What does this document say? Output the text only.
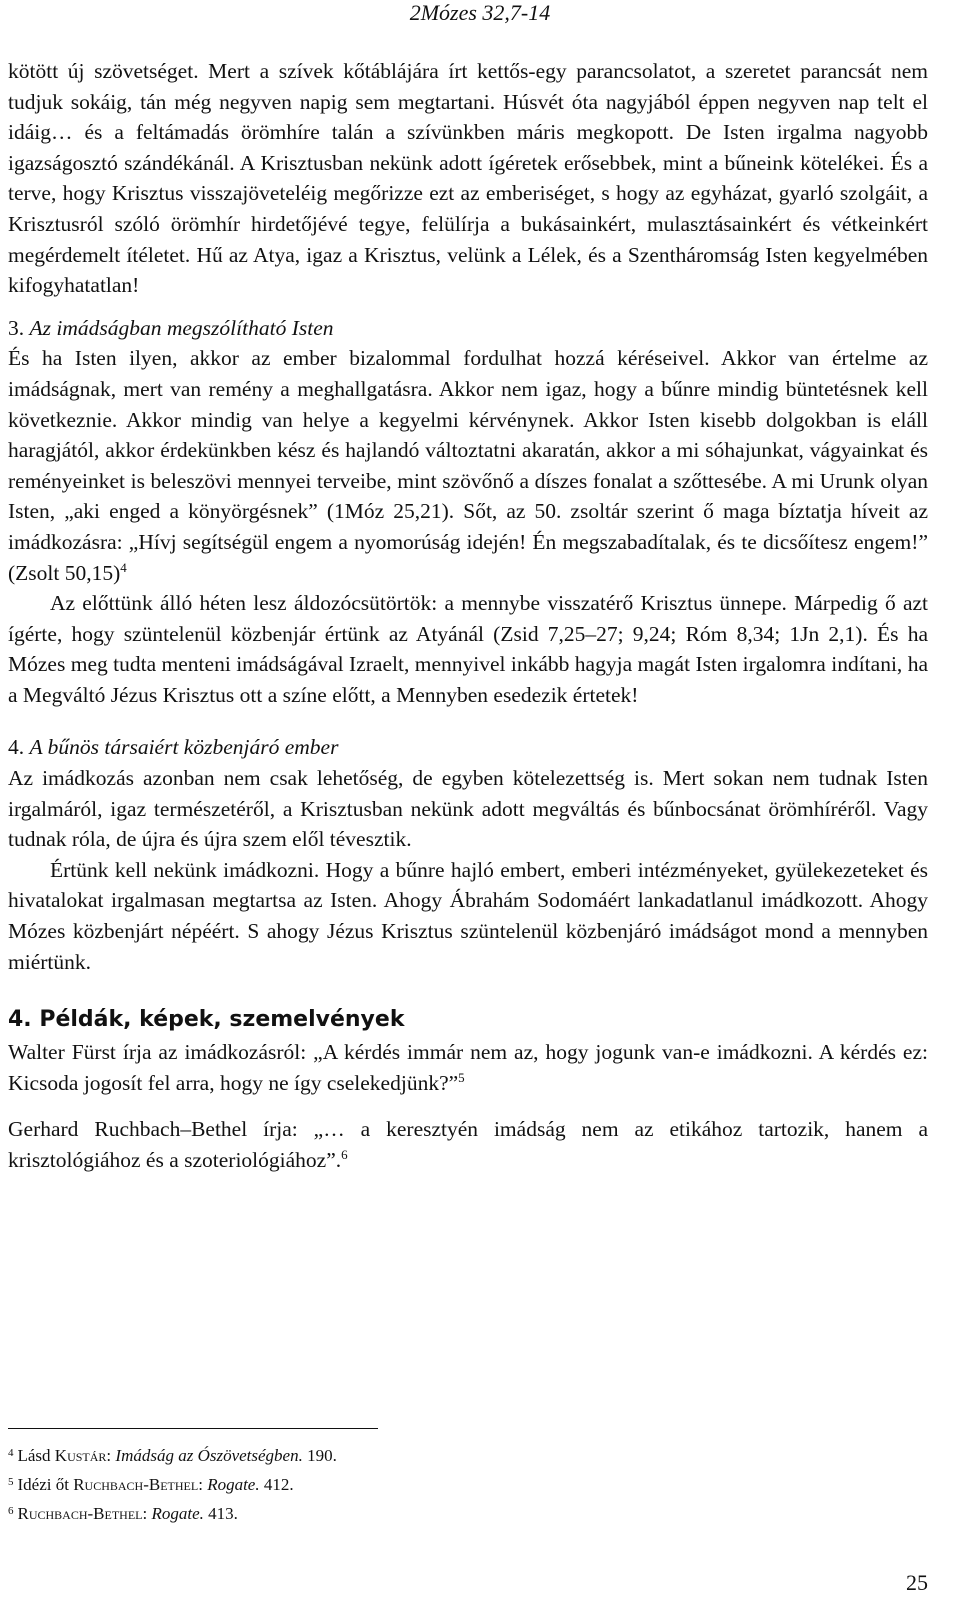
2Mózes 32,7-14

kötött új szövetséget. Mert a szívek kőtáblájára írt kettős-egy parancsolatot, a szeretet parancsát nem tudjuk sokáig, tán még negyven napig sem megtartani. Húsvét óta nagyjából éppen negyven nap telt el idáig… és a feltámadás örömhíre talán a szívünkben máris megkopott. De Isten irgalma nagyobb igazságosztó szándékánál. A Krisztusban nekünk adott ígéretek erősebbek, mint a bűneink kötelékei. És a terve, hogy Krisztus visszajöveteléig megőrizze ezt az emberiséget, s hogy az egyházat, gyarló szolgáit, a Krisztusról szóló örömhír hirdetőjévé tegye, felülírja a bukásainkért, mulasztásainkért és vétkeinkért megérdemelt ítéletet. Hű az Atya, igaz a Krisztus, velünk a Lélek, és a Szentháromság Isten kegyelmében kifogyhatatlan!

3. Az imádságban megszólítható Isten

És ha Isten ilyen, akkor az ember bizalommal fordulhat hozzá kéréseivel. Akkor van értelme az imádságnak, mert van remény a meghallgatásra. Akkor nem igaz, hogy a bűnre mindig büntetésnek kell következnie. Akkor mindig van helye a kegyelmi kérvénynek. Akkor Isten kisebb dolgokban is eláll haragjától, akkor érdekünkben kész és hajlandó változtatni akaratán, akkor a mi sóhajunkat, vágyainkat és reményeinket is beleszövi mennyei terveibe, mint szövőnő a díszes fonalat a szőttesébe. A mi Urunk olyan Isten, „aki enged a könyörgésnek” (1Móz 25,21). Sőt, az 50. zsoltár szerint ő maga bíztatja híveit az imádkozásra: „Hívj segítségül engem a nyomorúság idején! Én megszabadítalak, és te dicsőítesz engem!” (Zsolt 50,15)$^4$

Az előttünk álló héten lesz áldozócsütörtök: a mennybe visszatérő Krisztus ünnepe. Márpedig ő azt ígérte, hogy szüntelenül közbenjár értünk az Atyánál (Zsid 7,25–27; 9,24; Róm 8,34; 1Jn 2,1). És ha Mózes meg tudta menteni imádságával Izraelt, mennyivel inkább hagyja magát Isten irgalomra indítani, ha a Megváltó Jézus Krisztus ott a színe előtt, a Mennyben esedezik értetek!

4. A bűnös társaiért közbenjáró ember

Az imádkozás azonban nem csak lehetőség, de egyben kötelezettség is. Mert sokan nem tudnak Isten irgalmáról, igaz természetéről, a Krisztusban nekünk adott megváltás és bűnbocsánat örömhíréről. Vagy tudnak róla, de újra és újra szem elől tévesztik.

Értünk kell nekünk imádkozni. Hogy a bűnre hajló embert, emberi intézményeket, gyülekezeteket és hivatalokat irgalmasan megtartsa az Isten. Ahogy Ábrahám Sodomáért lankadatlanul imádkozott. Ahogy Mózes közbenjárt népéért. S ahogy Jézus Krisztus szüntelenül közbenjáró imádságot mond a mennyben miértünk.

4. Példák, képek, szemelvények

Walter Fürst írja az imádkozásról: „A kérdés immár nem az, hogy jogunk van-e imádkozni. A kérdés ez: Kicsoda jogosít fel arra, hogy ne így cselekedjünk?”$^5$

Gerhard Ruchbach–Bethel írja: „… a keresztyén imádság nem az etikához tartozik, hanem a krisztológiához és a szoteriológiához”.$^6$

$^4$ Lásd Kustár: Imádság az Ószövetségben. 190.

$^5$ Idézi őt Ruchbach-Bethel: Rogate. 412.

$^6$ Ruchbach-Bethel: Rogate. 413.

25
